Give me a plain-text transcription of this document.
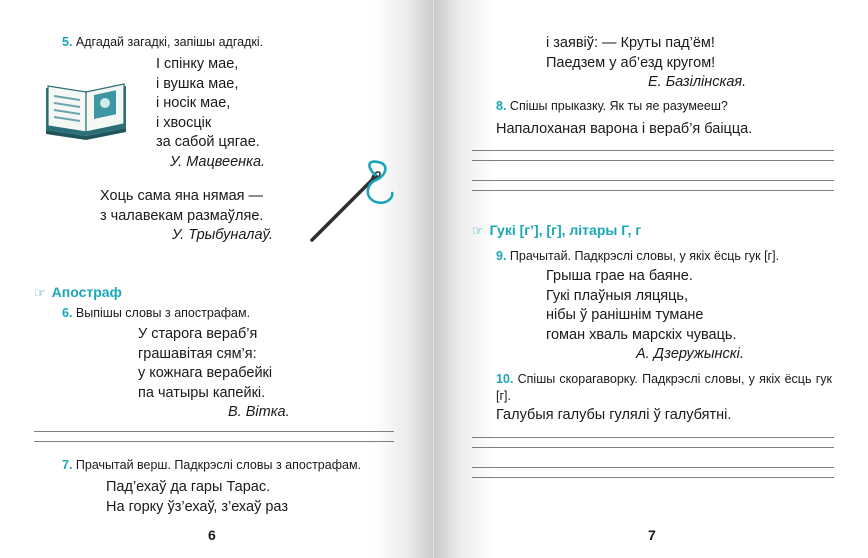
5. Адгадай загадкі, запішы адгадкі.
І спінку мае,
і вушка мае,
і носік мае,
і хвосцік
за сабой цягае.
У. Мацвеенка.
Хоць сама яна нямая —
з чалавекам размаўляе.
У. Трыбуналаў.
☞ Апостраф
6. Выпішы словы з апострафам.
У старога вераб’я
грашавітая сям’я:
у кожнага верабейкі
па чатыры капейкі.
В. Вітка.
7. Прачытай верш. Падкрэслі словы з апострафам.
Пад’ехаў да гары Тарас.
На горку ўз’ехаў, з’ехаў раз
6
і заявіў: — Круты пад’ём!
Паедзем у аб’езд кругом!
Е. Базілінская.
8. Спішы прыказку. Як ты яе разумееш?
Напалоханая варона і вераб’я баіцца.
☞ Гукі [г’], [г], літары Г, г
9. Прачытай. Падкрэслі словы, у якіх ёсць гук [г].
Грыша грае на баяне.
Гукі плаўныя ляцяць,
нібы ў ранішнім тумане
гоман хваль марскіх чуваць.
А. Дзеружынскі.
10. Спішы скорагаворку. Падкрэслі словы, у якіх ёсць гук [г].
Галубыя галубы гулялі ў галубятні.
7
